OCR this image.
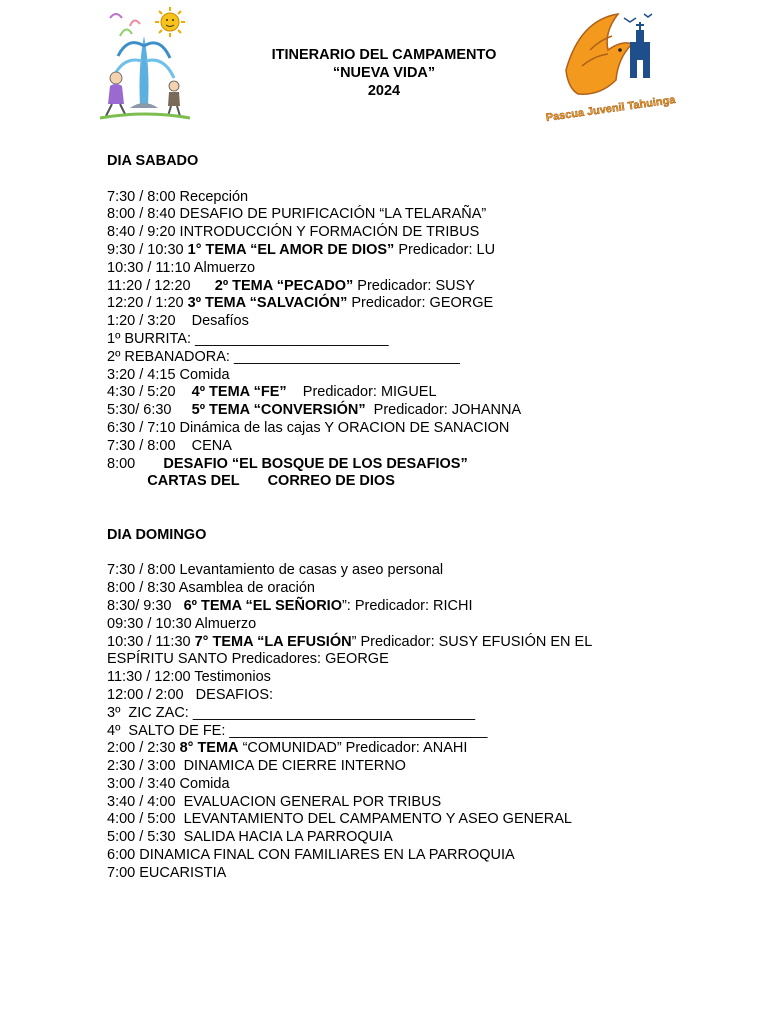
Pascua Juvenil Tahuinga
ITINERARIO DEL CAMPAMENTO
“NUEVA VIDA”
2024
DIA SABADO
7:30 / 8:00 Recepción
8:00 / 8:40 DESAFIO DE PURIFICACIÓN “LA TELARAÑA”
8:40 / 9:20 INTRODUCCIÓN Y FORMACIÓN DE TRIBUS
9:30 / 10:30 1° TEMA “EL AMOR DE DIOS” Predicador: LU
10:30 / 11:10 Almuerzo
11:20 / 12:20      2º TEMA “PECADO” Predicador: SUSY
12:20 / 1:20 3º TEMA “SALVACIÓN” Predicador: GEORGE
1:20 / 3:20    Desafíos
1º BURRITA: ________________________
2º REBANADORA: ____________________________
3:20 / 4:15 Comida
4:30 / 5:20    4º TEMA “FE”    Predicador: MIGUEL
5:30/ 6:30     5º TEMA “CONVERSIÓN”  Predicador: JOHANNA
6:30 / 7:10 Dinámica de las cajas Y ORACION DE SANACION
7:30 / 8:00    CENA
8:00       DESAFIO “EL BOSQUE DE LOS DESAFIOS”
CARTAS DEL       CORREO DE DIOS
DIA DOMINGO
7:30 / 8:00 Levantamiento de casas y aseo personal
8:00 / 8:30 Asamblea de oración
8:30/ 9:30   6º TEMA “EL SEÑORIO”: Predicador: RICHI
09:30 / 10:30 Almuerzo
10:30 / 11:30 7° TEMA “LA EFUSIÓN” Predicador: SUSY EFUSIÓN EN EL ESPÍRITU SANTO Predicadores: GEORGE
11:30 / 12:00 Testimonios
12:00 / 2:00   DESAFIOS:
3º  ZIC ZAC: ___________________________________
4º  SALTO DE FE: ________________________________
2:00 / 2:30 8° TEMA “COMUNIDAD” Predicador: ANAHI
2:30 / 3:00  DINAMICA DE CIERRE INTERNO
3:00 / 3:40 Comida
3:40 / 4:00  EVALUACION GENERAL POR TRIBUS
4:00 / 5:00  LEVANTAMIENTO DEL CAMPAMENTO Y ASEO GENERAL
5:00 / 5:30  SALIDA HACIA LA PARROQUIA
6:00 DINAMICA FINAL CON FAMILIARES EN LA PARROQUIA
7:00 EUCARISTIA
